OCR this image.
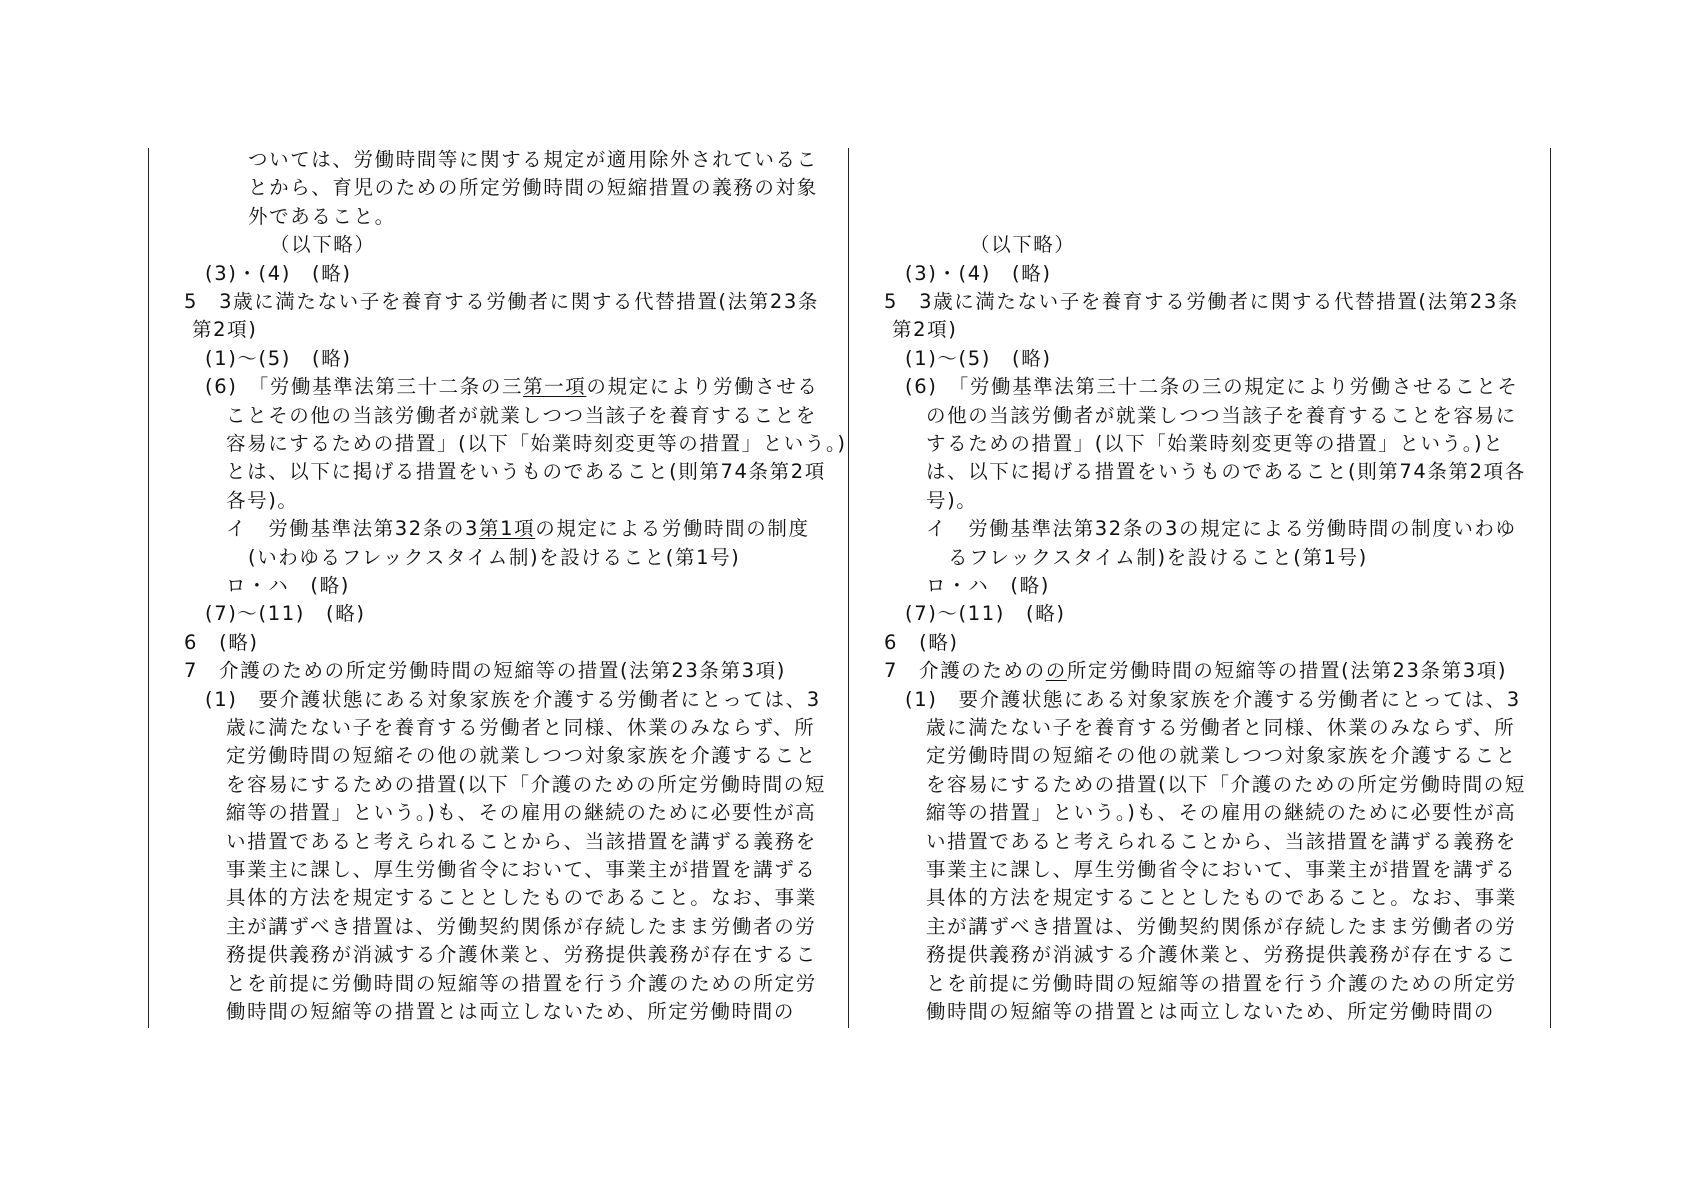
ついては、労働時間等に関する規定が適用除外されているこ
とから、育児のための所定労働時間の短縮措置の義務の対象
外であること。
（以下略）
(3)・(4)　(略)
5　3歳に満たない子を養育する労働者に関する代替措置(法第23条
第2項)
(1)～(5)　(略)
(6)　「労働基準法第三十二条の三第一項の規定により労働させる
ことその他の当該労働者が就業しつつ当該子を養育することを
容易にするための措置」(以下「始業時刻変更等の措置」という。)
とは、以下に掲げる措置をいうものであること(則第74条第2項
各号)。
イ　労働基準法第32条の3第1項の規定による労働時間の制度
(いわゆるフレックスタイム制)を設けること(第1号)
ロ・ハ　(略)
(7)～(11)　(略)
6　(略)
7　介護のための所定労働時間の短縮等の措置(法第23条第3項)
(1)　要介護状態にある対象家族を介護する労働者にとっては、3
歳に満たない子を養育する労働者と同様、休業のみならず、所
定労働時間の短縮その他の就業しつつ対象家族を介護すること
を容易にするための措置(以下「介護のための所定労働時間の短
縮等の措置」という。)も、その雇用の継続のために必要性が高
い措置であると考えられることから、当該措置を講ずる義務を
事業主に課し、厚生労働省令において、事業主が措置を講ずる
具体的方法を規定することとしたものであること。なお、事業
主が講ずべき措置は、労働契約関係が存続したまま労働者の労
務提供義務が消滅する介護休業と、労務提供義務が存在するこ
とを前提に労働時間の短縮等の措置を行う介護のための所定労
働時間の短縮等の措置とは両立しないため、所定労働時間の
（以下略）
(3)・(4)　(略)
5　3歳に満たない子を養育する労働者に関する代替措置(法第23条
第2項)
(1)～(5)　(略)
(6)　「労働基準法第三十二条の三の規定により労働させることそ
の他の当該労働者が就業しつつ当該子を養育することを容易に
するための措置」(以下「始業時刻変更等の措置」という。)と
は、以下に掲げる措置をいうものであること(則第74条第2項各
号)。
イ　労働基準法第32条の3の規定による労働時間の制度いわゆ
るフレックスタイム制)を設けること(第1号)
ロ・ハ　(略)
(7)～(11)　(略)
6　(略)
7　介護のためのの所定労働時間の短縮等の措置(法第23条第3項)
(1)　要介護状態にある対象家族を介護する労働者にとっては、3
歳に満たない子を養育する労働者と同様、休業のみならず、所
定労働時間の短縮その他の就業しつつ対象家族を介護すること
を容易にするための措置(以下「介護のための所定労働時間の短
縮等の措置」という。)も、その雇用の継続のために必要性が高
い措置であると考えられることから、当該措置を講ずる義務を
事業主に課し、厚生労働省令において、事業主が措置を講ずる
具体的方法を規定することとしたものであること。なお、事業
主が講ずべき措置は、労働契約関係が存続したまま労働者の労
務提供義務が消滅する介護休業と、労務提供義務が存在するこ
とを前提に労働時間の短縮等の措置を行う介護のための所定労
働時間の短縮等の措置とは両立しないため、所定労働時間の
